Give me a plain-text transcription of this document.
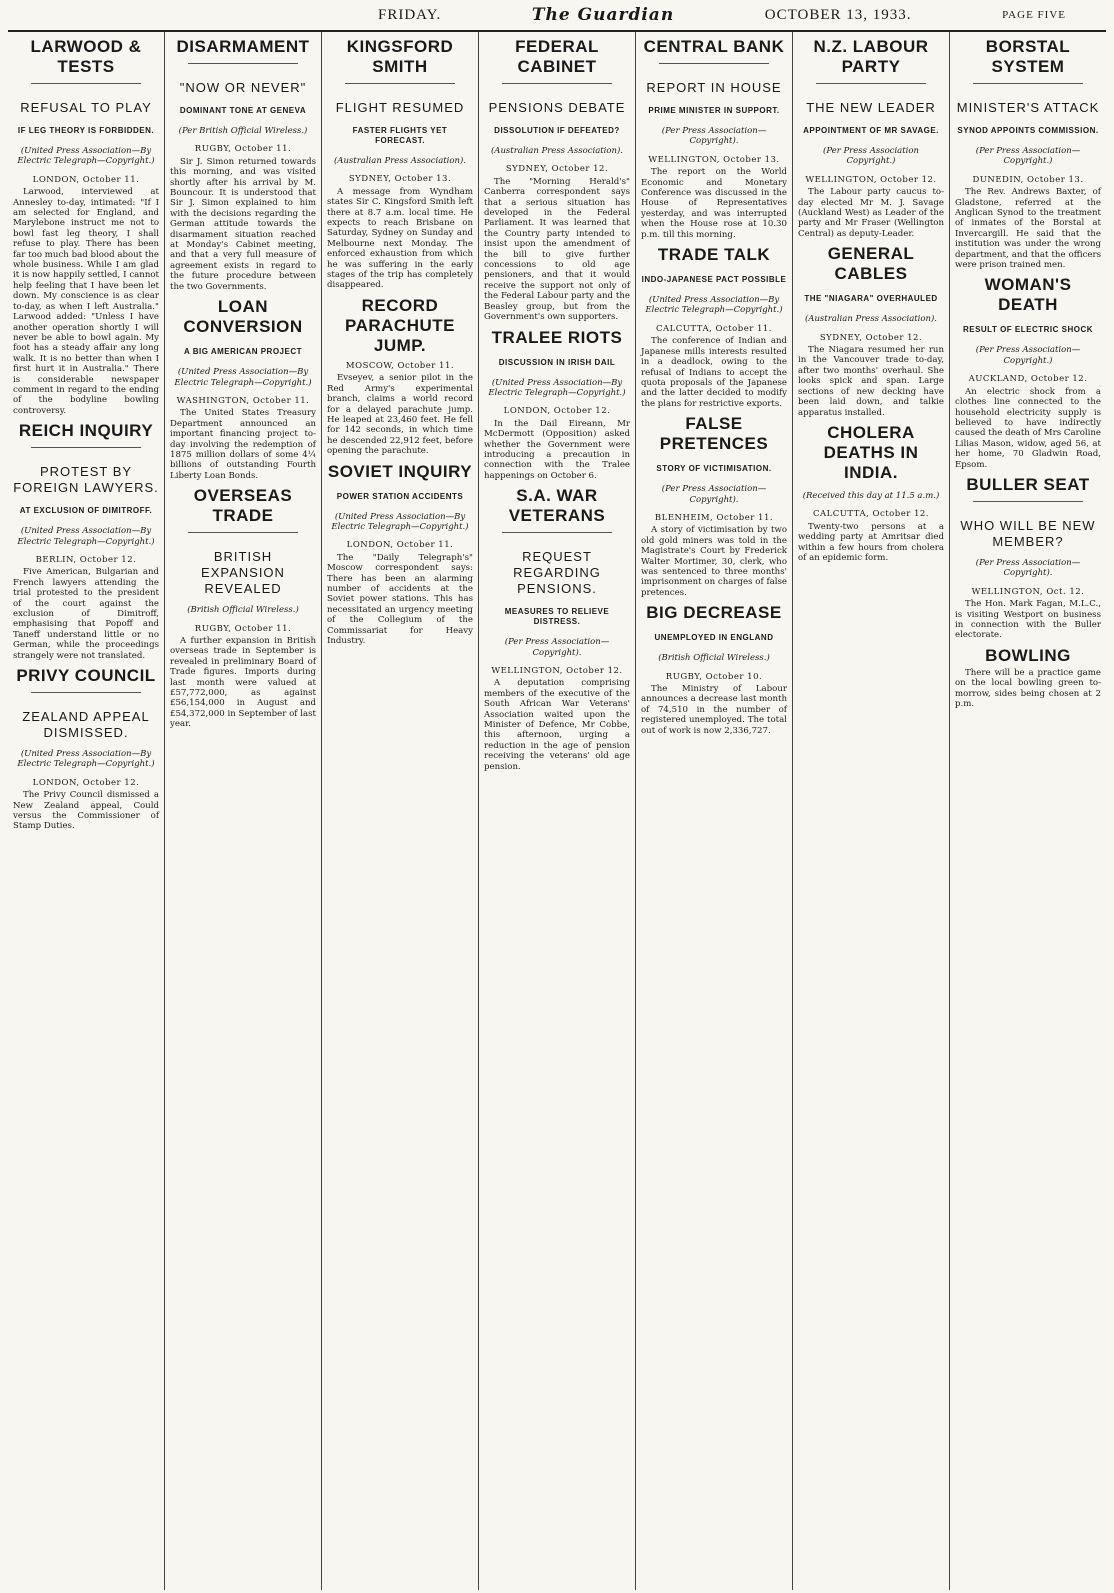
FRIDAY.	The Guardian	OCTOBER 13, 1933.	PAGE FIVE
LARWOOD & TESTS
REFUSAL TO PLAY
IF LEG THEORY IS FORBIDDEN.
(United Press Association—By Electric Telegraph—Copyright.)
LONDON, October 11.

Larwood, interviewed at Annesley to-day, intimated: "If I am selected for England, and Marylebone instruct me not to bowl fast leg theory, I shall refuse to play. There has been far too much bad blood about the whole business. While I am glad it is now happily settled, I cannot help feeling that I have been let down. My conscience is as clear to-day, as when I left Australia." Larwood added: "Unless I have another operation shortly I will never be able to bowl again. My foot has a steady affair any long walk. It is no better than when I first hurt it in Australia." There is considerable newspaper comment in regard to the ending of the bodyline bowling controversy.

REICH INQUIRY
PROTEST BY FOREIGN LAWYERS.
AT EXCLUSION OF DIMITROFF.
(United Press Association—By Electric Telegraph—Copyright.)
BERLIN, October 12.

Five American, Bulgarian and French lawyers attending the trial protested to the president of the court against the exclusion of Dimitroff, emphasising that Popoff and Taneff understand little or no German, while the proceedings strangely were not translated.

PRIVY COUNCIL
ZEALAND APPEAL DISMISSED.
(United Press Association—By Electric Telegraph—Copyright.)
LONDON, October 12.

The Privy Council dismissed a New Zealand appeal, Could versus the Commissioner of Stamp Duties.

DISARMAMENT
"NOW OR NEVER"
DOMINANT TONE AT GENEVA
(Per British Official Wireless.)
RUGBY, October 11.

Sir J. Simon returned towards this morning, and was visited shortly after his arrival by M. Bouncour. It is understood that Sir J. Simon explained to him with the decisions regarding the German attitude towards the disarmament situation reached at Monday's Cabinet meeting, and that a very full measure of agreement exists in regard to the future procedure between the two Governments.

LOAN CONVERSION
A BIG AMERICAN PROJECT
(United Press Association—By Electric Telegraph—Copyright.)
WASHINGTON, October 11.

The United States Treasury Department announced an important financing project to-day involving the redemption of 1875 million dollars of some 4¼ billions of outstanding Fourth Liberty Loan Bonds.

OVERSEAS TRADE
BRITISH EXPANSION REVEALED
(British Official Wireless.)
RUGBY, October 11.

A further expansion in British overseas trade in September is revealed in preliminary Board of Trade figures. Imports during last month were valued at £57,772,000, as against £56,154,000 in August and £54,372,000 in September of last year.

KINGSFORD SMITH
FLIGHT RESUMED
FASTER FLIGHTS YET FORECAST.
(Australian Press Association).
SYDNEY, October 13.

A message from Wyndham states Sir C. Kingsford Smith left there at 8.7 a.m. local time. He expects to reach Brisbane on Saturday, Sydney on Sunday and Melbourne next Monday. The enforced exhaustion from which he was suffering in the early stages of the trip has completely disappeared.

RECORD PARACHUTE JUMP.
MOSCOW, October 11.

Evseyev, a senior pilot in the Red Army's experimental branch, claims a world record for a delayed parachute jump. He leaped at 23,460 feet. He fell for 142 seconds, in which time he descended 22,912 feet, before opening the parachute.

SOVIET INQUIRY
POWER STATION ACCIDENTS
(United Press Association—By Electric Telegraph—Copyright.)
LONDON, October 11.

The "Daily Telegraph's" Moscow correspondent says: There has been an alarming number of accidents at the Soviet power stations. This has necessitated an urgency meeting of the Collegium of the Commissariat for Heavy Industry.

FEDERAL CABINET
PENSIONS DEBATE
DISSOLUTION IF DEFEATED?
(Australian Press Association).
SYDNEY, October 12.

The "Morning Herald's" Canberra correspondent says that a serious situation has developed in the Federal Parliament. It was learned that the Country party intended to insist upon the amendment of the bill to give further concessions to old age pensioners, and that it would receive the support not only of the Federal Labour party and the Beasley group, but from the Government's own supporters.

TRALEE RIOTS
DISCUSSION IN IRISH DAIL
(United Press Association—By Electric Telegraph—Copyright.)
LONDON, October 12.

In the Dail Eireann, Mr McDermott (Opposition) asked whether the Government were introducing a precaution in connection with the Tralee happenings on October 6.

S.A. WAR VETERANS
REQUEST REGARDING PENSIONS.
MEASURES TO RELIEVE DISTRESS.
(Per Press Association—Copyright).
WELLINGTON, October 12.

A deputation comprising members of the executive of the South African War Veterans' Association waited upon the Minister of Defence, Mr Cobbe, this afternoon, urging a reduction in the age of pension receiving the veterans' old age pension.

CENTRAL BANK
REPORT IN HOUSE
PRIME MINISTER IN SUPPORT.
(Per Press Association—Copyright).
WELLINGTON, October 13.

The report on the World Economic and Monetary Conference was discussed in the House of Representatives yesterday, and was interrupted when the House rose at 10.30 p.m. till this morning.

TRADE TALK
INDO-JAPANESE PACT POSSIBLE
(United Press Association—By Electric Telegraph—Copyright.)
CALCUTTA, October 11.

The conference of Indian and Japanese mills interests resulted in a deadlock, owing to the refusal of Indians to accept the quota proposals of the Japanese and the latter decided to modify the plans for restrictive exports.

FALSE PRETENCES
STORY OF VICTIMISATION.
(Per Press Association—Copyright).
BLENHEIM, October 11.

A story of victimisation by two old gold miners was told in the Magistrate's Court by Frederick Walter Mortimer, 30, clerk, who was sentenced to three months' imprisonment on charges of false pretences.

BIG DECREASE
UNEMPLOYED IN ENGLAND
(British Official Wireless.)
RUGBY, October 10.

The Ministry of Labour announces a decrease last month of 74,510 in the number of registered unemployed. The total out of work is now 2,336,727.

N.Z. LABOUR PARTY
THE NEW LEADER
APPOINTMENT OF MR SAVAGE.
(Per Press Association Copyright.)
WELLINGTON, October 12.

The Labour party caucus to-day elected Mr M. J. Savage (Auckland West) as Leader of the party and Mr Fraser (Wellington Central) as deputy-Leader.

GENERAL CABLES
THE "NIAGARA" OVERHAULED
(Australian Press Association).
SYDNEY, October 12.

The Niagara resumed her run in the Vancouver trade to-day, after two months' overhaul. She looks spick and span. Large sections of new decking have been laid down, and talkie apparatus installed.

CHOLERA DEATHS IN INDIA.
(Received this day at 11.5 a.m.)
CALCUTTA, October 12.

Twenty-two persons at a wedding party at Amritsar died within a few hours from cholera of an epidemic form.

BORSTAL SYSTEM
MINISTER'S ATTACK
SYNOD APPOINTS COMMISSION.
(Per Press Association—Copyright.)
DUNEDIN, October 13.

The Rev. Andrews Baxter, of Gladstone, referred at the Anglican Synod to the treatment of inmates of the Borstal at Invercargill. He said that the institution was under the wrong department, and that the officers were prison trained men.

WOMAN'S DEATH
RESULT OF ELECTRIC SHOCK
(Per Press Association—Copyright.)
AUCKLAND, October 12.

An electric shock from a clothes line connected to the household electricity supply is believed to have indirectly caused the death of Mrs Caroline Lilias Mason, widow, aged 56, at her home, 70 Gladwin Road, Epsom.

BULLER SEAT
WHO WILL BE NEW MEMBER?
(Per Press Association—Copyright).
WELLINGTON, Oct. 12.

The Hon. Mark Fagan, M.L.C., is visiting Westport on business in connection with the Buller electorate.

BOWLING

There will be a practice game on the local bowling green to-morrow, sides being chosen at 2 p.m.
